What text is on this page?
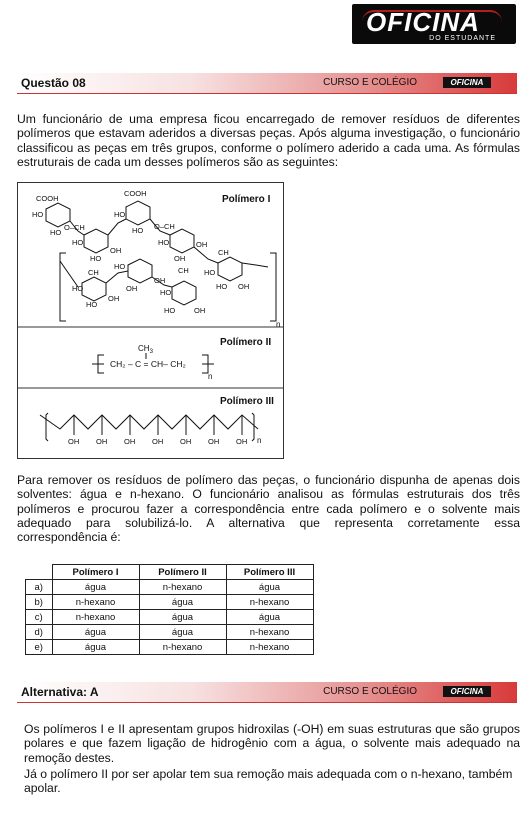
OFICINA
DO ESTUDANTE
Questão 08	CURSO E COLÉGIO	OFICINA
Um funcionário de uma empresa ficou encarregado de remover resíduos de diferentes polímeros que estavam aderidos a diversas peças. Após alguma investigação, o funcionário classificou as peças em três grupos, conforme o polímero aderido a cada uma. As fórmulas estruturais de cada um desses polímeros são as seguintes:
Polímero I
Polímero II
Polímero III
COOH
COOH
HO
HO
O–CH
HO
HO O–CH
HO
HO
OH
HO
OH
OH
CH
HO
OH
OH
CH HO
HO OH
CH
HO
HO
OH
HO
HO	OH
n
$CH_3$
CH₂ – C = CH– CH₂
n
OH OH OH OH OH OH OH n
Para remover os resíduos de polímero das peças, o funcionário dispunha de apenas dois solventes: água e n-hexano. O funcionário analisou as fórmulas estruturais dos três polímeros e procurou fazer a correspondência entre cada polímero e o solvente mais adequado para solubilizá-lo. A alternativa que representa corretamente essa correspondência é:
	Polímero I	Polímero II	Polímero III
a)	água	n-hexano	água
b)	n-hexano	água	n-hexano
c)	n-hexano	água	água
d)	água	água	n-hexano
e)	água	n-hexano	n-hexano
Alternativa: A	CURSO E COLÉGIO	OFICINA
Os polímeros I e II apresentam grupos hidroxilas (-OH) em suas estruturas que são grupos polares e que fazem ligação de hidrogênio com a água, o solvente mais adequado na remoção destes.
Já o polímero II por ser apolar tem sua remoção mais adequada com o n-hexano, também apolar.
